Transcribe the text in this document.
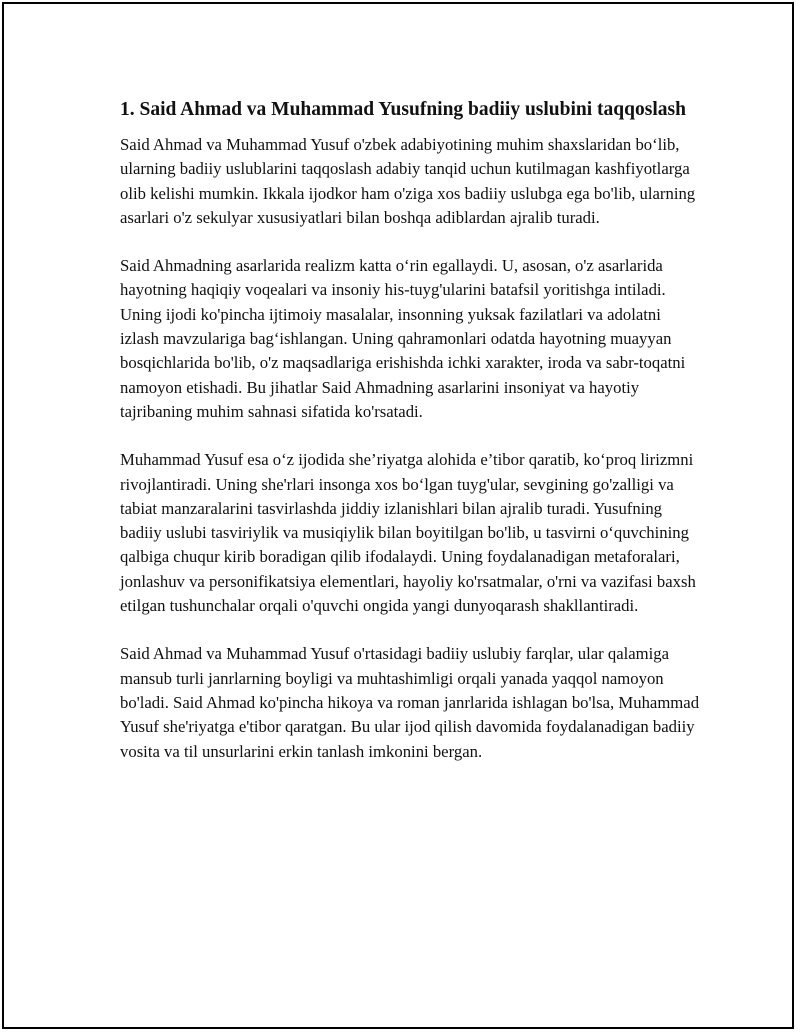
1. Said Ahmad va Muhammad Yusufning badiiy uslubini taqqoslash

Said Ahmad va Muhammad Yusuf o'zbek adabiyotining muhim shaxslaridan bo‘lib, ularning badiiy uslublarini taqqoslash adabiy tanqid uchun kutilmagan kashfiyotlarga olib kelishi mumkin. Ikkala ijodkor ham o'ziga xos badiiy uslubga ega bo'lib, ularning asarlari o'z sekulyar xususiyatlari bilan boshqa adiblardan ajralib turadi.

Said Ahmadning asarlarida realizm katta o‘rin egallaydi. U, asosan, o'z asarlarida hayotning haqiqiy voqealari va insoniy his-tuyg'ularini batafsil yoritishga intiladi. Uning ijodi ko'pincha ijtimoiy masalalar, insonning yuksak fazilatlari va adolatni izlash mavzulariga bag‘ishlangan. Uning qahramonlari odatda hayotning muayyan bosqichlarida bo'lib, o'z maqsadlariga erishishda ichki xarakter, iroda va sabr-toqatni namoyon etishadi. Bu jihatlar Said Ahmadning asarlarini insoniyat va hayotiy tajribaning muhim sahnasi sifatida ko'rsatadi.

Muhammad Yusuf esa o‘z ijodida she’riyatga alohida e’tibor qaratib, ko‘proq lirizmni rivojlantiradi. Uning she'rlari insonga xos bo‘lgan tuyg'ular, sevgining go'zalligi va tabiat manzaralarini tasvirlashda jiddiy izlanishlari bilan ajralib turadi. Yusufning badiiy uslubi tasviriylik va musiqiylik bilan boyitilgan bo'lib, u tasvirni o‘quvchining qalbiga chuqur kirib boradigan qilib ifodalaydi. Uning foydalanadigan metaforalari, jonlashuv va personifikatsiya elementlari, hayoliy ko'rsatmalar, o'rni va vazifasi baxsh etilgan tushunchalar orqali o'quvchi ongida yangi dunyoqarash shakllantiradi.

Said Ahmad va Muhammad Yusuf o'rtasidagi badiiy uslubiy farqlar, ular qalamiga mansub turli janrlarning boyligi va muhtashimligi orqali yanada yaqqol namoyon bo'ladi. Said Ahmad ko'pincha hikoya va roman janrlarida ishlagan bo'lsa, Muhammad Yusuf she'riyatga e'tibor qaratgan. Bu ular ijod qilish davomida foydalanadigan badiiy vosita va til unsurlarini erkin tanlash imkonini bergan.
